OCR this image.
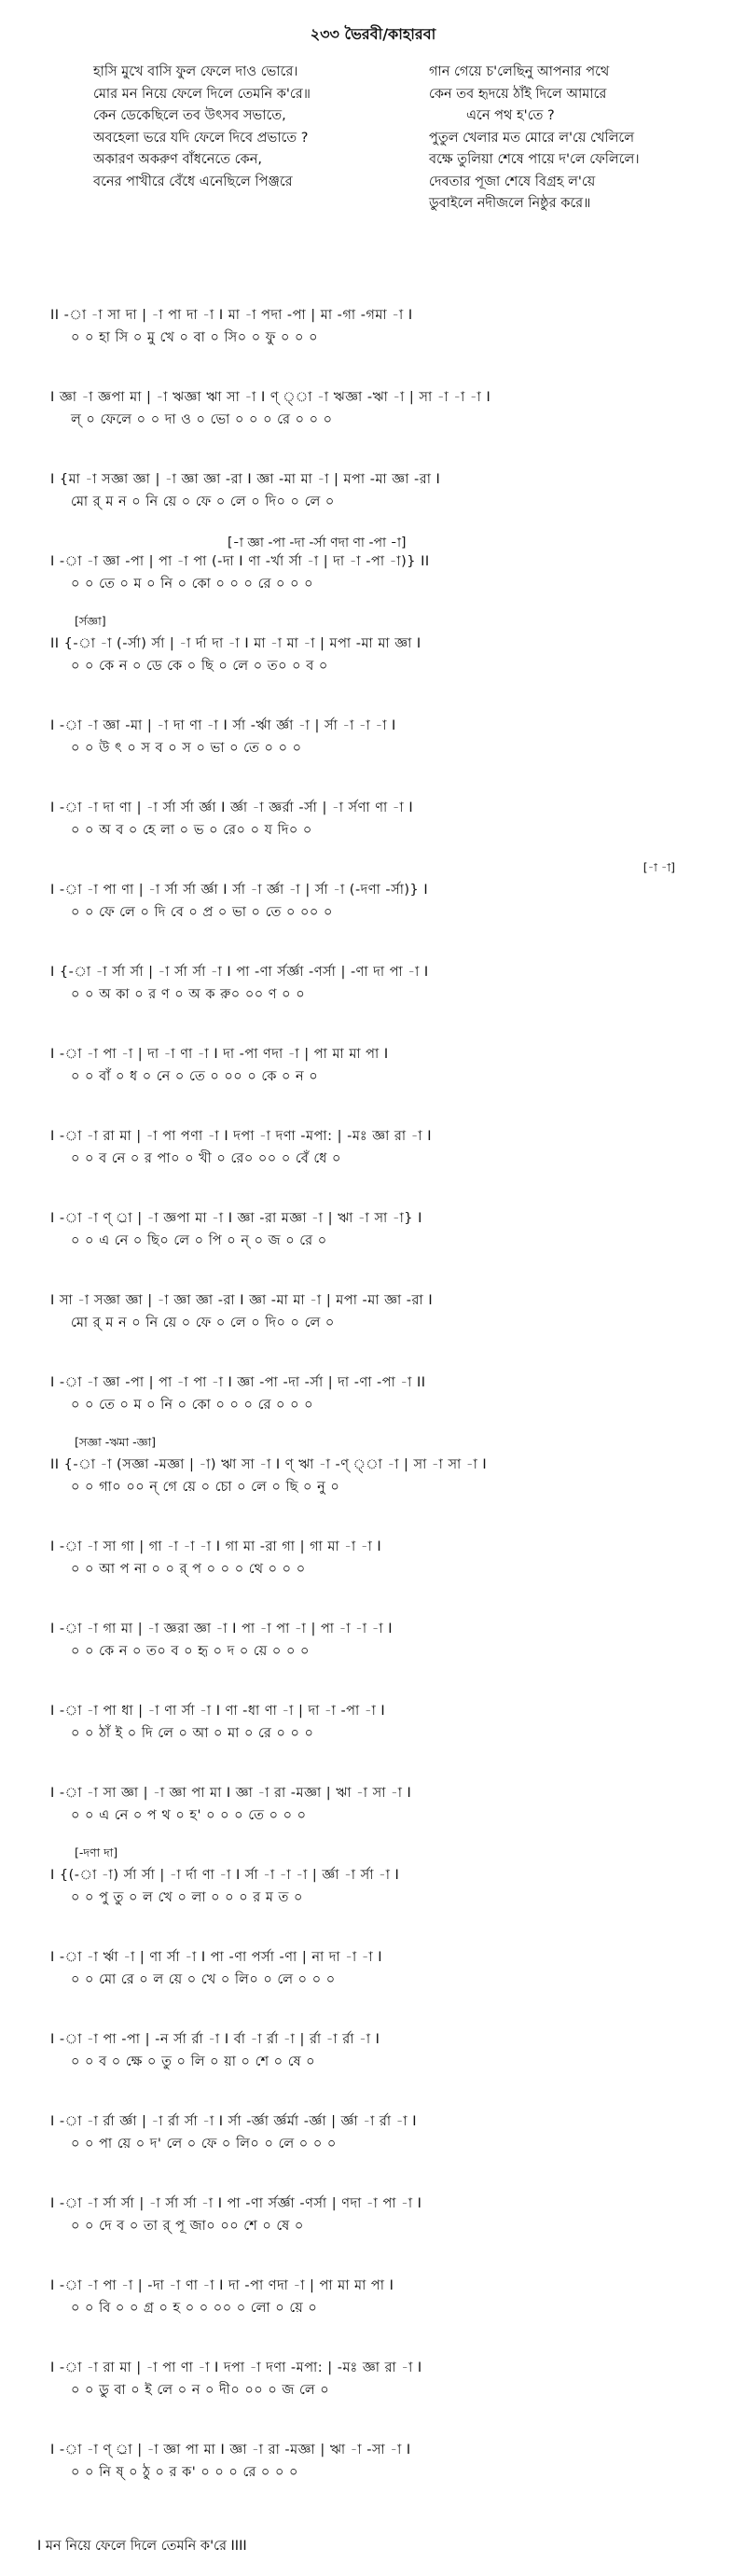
২৩৩ ভৈরবী/কাহারবা
হাসি মুখে বাসি ফুল ফেলে দাও ভোরে।
মোর মন নিয়ে ফেলে দিলে তেমনি ক'রে॥
কেন ডেকেছিলে তব উৎসব সভাতে,
অবহেলা ভরে যদি ফেলে দিবে প্রভাতে ?
অকারণ অকরুণ বাঁধনেতে কেন,
বনের পাখীরে বেঁধে এনেছিলে পিঞ্জরে
গান গেয়ে চ'লেছিনু আপনার পথে
কেন তব হৃদয়ে ঠাঁই দিলে আমারে
এনে পথ হ'তে ?
পুতুল খেলার মত মোরে ল'য়ে খেলিলে
বক্ষে তুলিয়া শেষে পায়ে দ'লে ফেলিলে।
দেবতার পূজা শেষে বিগ্রহ ল'য়ে
ডুবাইলে নদীজলে নিষ্ঠুর করে॥
II -া -া সা দা | -া পা দা -া I মা -া পদা -পা | মা -গা -গমা -া I
০ ০ হা সি ০ মু খে ০ বা ০ সি০ ০ ফু ০ ০ ০
I জ্ঞা -া জ্ঞপা মা | -া ঋজ্ঞা ঋা সা -া I ণ্ ্া -া ঋজ্ঞা -ঋা -া | সা -া -া -া I
ল্ ০ ফেলে ০ ০ দা ও ০ ভো ০ ০ ০ রে ০ ০ ০
I {মা -া সজ্ঞা জ্ঞা | -া জ্ঞা জ্ঞা -রা I জ্ঞা -মা মা -া | মপা -মা জ্ঞা -রা I
মো র্ ম ন ০ নি য়ে ০ ফে ০ লে ০ দি০ ০ লে ০
[-া জ্ঞা -পা -দা -র্সা ণদা ণা -পা -া]
I -া -া জ্ঞা -পা | পা -া পা (-দা I ণা -র্খা র্সা -া | দা -া -পা -া)} II
০ ০ তে ০ ম ০ নি ০ কো ০ ০ ০ রে ০ ০ ০
[র্সজ্ঞা]
II {-া -া (-র্সা) র্সা | -া র্দা দা -া I মা -া মা -া | মপা -মা মা জ্ঞা I
০ ০ কে ন ০ ডে কে ০ ছি ০ লে ০ ত০ ০ ব ০
I -া -া জ্ঞা -মা | -া দা ণা -া I র্সা -র্ঋা র্জ্ঞা -া | র্সা -া -া -া I
০ ০ উ ৎ ০ স ব ০ স ০ ভা ০ তে ০ ০ ০
I -া -া দা ণা | -া র্সা র্সা র্জ্ঞা I র্জ্ঞা -া জ্ঞর্রা -র্সা | -া র্সণা ণা -া I
০ ০ অ ব ০ হে লা ০ ভ ০ রে০ ০ য দি০ ০
[-া -া]
I -া -া পা ণা | -া র্সা র্সা র্জ্ঞা I র্সা -া র্জ্ঞা -া | র্সা -া (-দণা -র্সা)} I
০ ০ ফে লে ০ দি বে ০ প্র ০ ভা ০ তে ০ ০০ ০
I {-া -া র্সা র্সা | -া র্সা র্সা -া I পা -ণা র্সর্জ্ঞা -ণর্সা | -ণা দা পা -া I
০ ০ অ কা ০ র ণ ০ অ ক রু০ ০০ ণ ০ ০
I -া -া পা -া | দা -া ণা -া I দা -পা ণদা -া | পা মা মা পা I
০ ০ বাঁ ০ ধ ০ নে ০ তে ০ ০০ ০ কে ০ ন ০
I -া -া রা মা | -া পা পণা -া I দপা -া দণা -মপা: | -মঃ জ্ঞা রা -া I
০ ০ ব নে ০ র পা০ ০ খী ০ রে০ ০০ ০ বেঁ ধে ০
I -া -া ণ্ ্রা | -া জ্ঞপা মা -া I জ্ঞা -রা মজ্ঞা -া | ঋা -া সা -া} I
০ ০ এ নে ০ ছি০ লে ০ পি ০ ন্ ০ জ ০ রে ০
I সা -া সজ্ঞা জ্ঞা | -া জ্ঞা জ্ঞা -রা I জ্ঞা -মা মা -া | মপা -মা জ্ঞা -রা I
মো র্ ম ন ০ নি য়ে ০ ফে ০ লে ০ দি০ ০ লে ০
I -া -া জ্ঞা -পা | পা -া পা -া I জ্ঞা -পা -দা -র্সা | দা -ণা -পা -া II
০ ০ তে ০ ম ০ নি ০ কো ০ ০ ০ রে ০ ০ ০
[সজ্ঞা -ঋমা -জ্ঞা]
II {-া -া (সজ্ঞা -মজ্ঞা | -া) ঋা সা -া I ণ্ ঋা -া -ণ্ ্া -া | সা -া সা -া I
০ ০ গা০ ০০ ন্ গে য়ে ০ চো ০ লে ০ ছি ০ নু ০
I -া -া সা গা | গা -া -া -া I গা মা -রা গা | গা মা -া -া I
০ ০ আ প না ০ ০ র্ প ০ ০ ০ থে ০ ০ ০
I -া -া গা মা | -া জ্ঞরা জ্ঞা -া I পা -া পা -া | পা -া -া -া I
০ ০ কে ন ০ ত০ ব ০ হৃ ০ দ ০ য়ে ০ ০ ০
I -া -া পা ধা | -া ণা র্সা -া I ণা -ধা ণা -া | দা -া -পা -া I
০ ০ ঠাঁ ই ০ দি লে ০ আ ০ মা ০ রে ০ ০ ০
I -া -া সা জ্ঞা | -া জ্ঞা পা মা I জ্ঞা -া রা -মজ্ঞা | ঋা -া সা -া I
০ ০ এ নে ০ প থ ০ হ' ০ ০ ০ তে ০ ০ ০
[-দণা দা]
I {(-া -া) র্সা র্সা | -া র্দা ণা -া I র্সা -া -া -া | র্জ্ঞা -া র্সা -া I
০ ০ পু তু ০ ল খে ০ লা ০ ০ ০ র ম ত ০
I -া -া র্ঋা -া | ণা র্সা -া I পা -ণা পর্সা -ণা | না দা -া -া I
০ ০ মো রে ০ ল য়ে ০ খে ০ লি০ ০ লে ০ ০ ০
I -া -া পা -পা | -ন র্সা র্রা -া I র্বা -া র্রা -া | র্রা -া র্রা -া I
০ ০ ব ০ ক্ষে ০ তু ০ লি ০ য়া ০ শে ০ ষে ০
I -া -া র্রা র্জ্ঞা | -া র্রা র্সা -া I র্সা -র্জ্ঞা র্জ্ঞর্মা -র্জ্ঞা | র্জ্ঞা -া র্রা -া I
০ ০ পা য়ে ০ দ' লে ০ ফে ০ লি০ ০ লে ০ ০ ০
I -া -া র্সা র্সা | -া র্সা র্সা -া I পা -ণা র্সর্জ্ঞা -ণর্সা | ণদা -া পা -া I
০ ০ দে ব ০ তা র্ পূ জা০ ০০ শে ০ ষে ০
I -া -া পা -া | -দা -া ণা -া I দা -পা ণদা -া | পা মা মা পা I
০ ০ বি ০ ০ গ্র ০ হ ০ ০ ০০ ০ লো ০ য়ে ০
I -া -া রা মা | -া পা ণা -া I দপা -া দণা -মপা: | -মঃ জ্ঞা রা -া I
০ ০ ডু বা ০ ই লে ০ ন ০ দী০ ০০ ০ জ লে ০
I -া -া ণ্ ্রা | -া জ্ঞা পা মা I জ্ঞা -া রা -মজ্ঞা | ঋা -া -সা -া I
০ ০ নি ষ্ ০ ঠু ০ র ক' ০ ০ ০ রে ০ ০ ০
I মন নিয়ে ফেলে দিলে তেমনি ক'রে IIII
